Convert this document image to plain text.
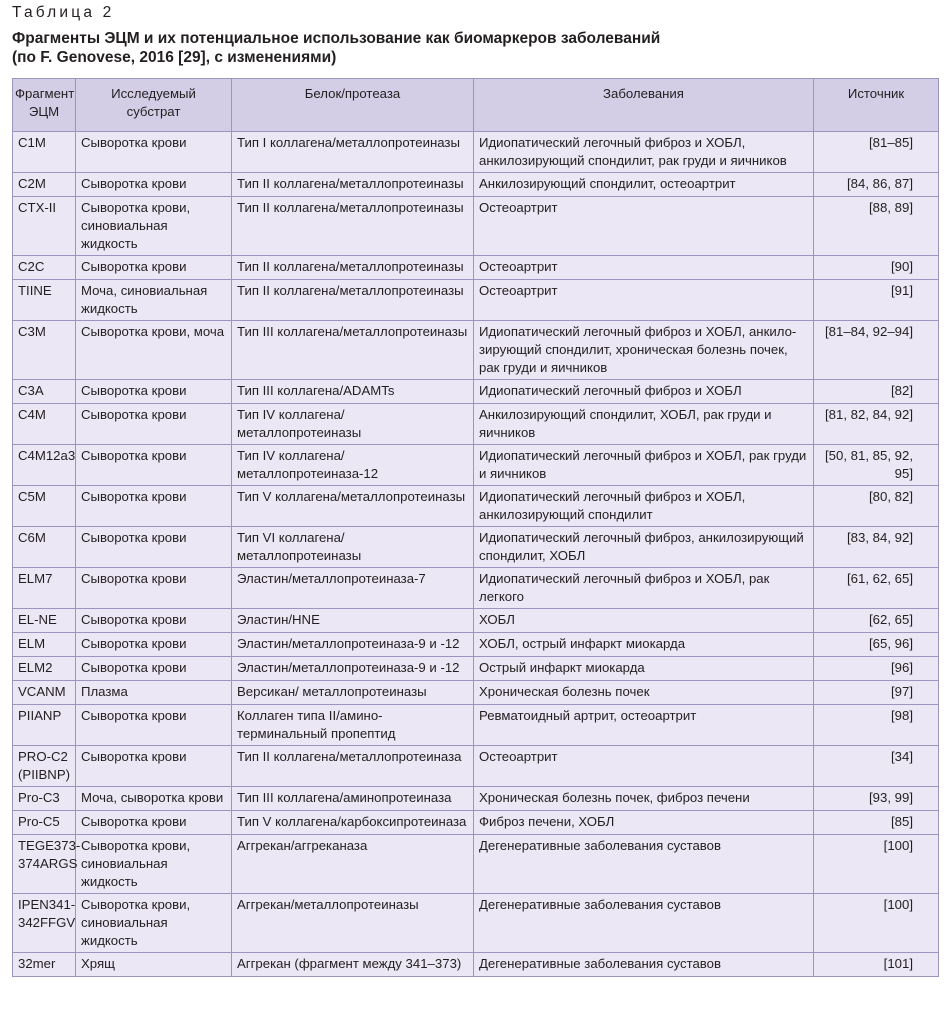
Таблица 2
Фрагменты ЭЦМ и их потенциальное использование как биомаркеров заболеваний
(по F. Genovese, 2016 [29], с изменениями)
Фрагмент ЭЦМ	Исследуемый субстрат	Белок/протеаза	Заболевания	Источник
C1M	Сыворотка крови	Тип I коллагена/металлопротеиназы	Идиопатический легочный фиброз и ХОБЛ, анкилозирующий спондилит, рак груди и яичников	[81–85]
C2M	Сыворотка крови	Тип II коллагена/металлопротеиназы	Анкилозирующий спондилит, остеоартрит	[84, 86, 87]
CTX-II	Сыворотка крови, синовиальная жидкость	Тип II коллагена/металлопротеиназы	Остеоартрит	[88, 89]
C2C	Сыворотка крови	Тип II коллагена/металлопротеиназы	Остеоартрит	[90]
TIINE	Моча, синовиальная жидкость	Тип II коллагена/металлопротеиназы	Остеоартрит	[91]
C3M	Сыворотка крови, моча	Тип III коллагена/металлопротеиназы	Идиопатический легочный фиброз и ХОБЛ, анкило-зирующий спондилит, хроническая болезнь почек, рак груди и яичников	[81–84, 92–94]
C3A	Сыворотка крови	Тип III коллагена/ADAMTs	Идиопатический легочный фиброз и ХОБЛ	[82]
C4M	Сыворотка крови	Тип IV коллагена/металлопротеиназы	Анкилозирующий спондилит, ХОБЛ, рак груди и яичников	[81, 82, 84, 92]
C4M12a3	Сыворотка крови	Тип IV коллагена/ металлопротеиназа-12	Идиопатический легочный фиброз и ХОБЛ, рак груди и яичников	[50, 81, 85, 92, 95]
C5M	Сыворотка крови	Тип V коллагена/металлопротеиназы	Идиопатический легочный фиброз и ХОБЛ, анкилозирующий спондилит	[80, 82]
C6M	Сыворотка крови	Тип VI коллагена/металлопротеиназы	Идиопатический легочный фиброз, анкилозирующий спондилит, ХОБЛ	[83, 84, 92]
ELM7	Сыворотка крови	Эластин/металлопротеиназа-7	Идиопатический легочный фиброз и ХОБЛ, рак легкого	[61, 62, 65]
EL-NE	Сыворотка крови	Эластин/HNE	ХОБЛ	[62, 65]
ELM	Сыворотка крови	Эластин/металлопротеиназа-9 и -12	ХОБЛ, острый инфаркт миокарда	[65, 96]
ELM2	Сыворотка крови	Эластин/металлопротеиназа-9 и -12	Острый инфаркт миокарда	[96]
VCANM	Плазма	Версикан/ металлопротеиназы	Хроническая болезнь почек	[97]
PIIANP	Сыворотка крови	Коллаген типа II/амино-терминальный пропептид	Ревматоидный артрит, остеоартрит	[98]
PRO-C2 (PIIBNP)	Сыворотка крови	Тип II коллагена/металлопротеиназа	Остеоартрит	[34]
Pro-C3	Моча, сыворотка крови	Тип III коллагена/аминопротеиназа	Хроническая болезнь почек, фиброз печени	[93, 99]
Pro-C5	Сыворотка крови	Тип V коллагена/карбоксипротеиназа	Фиброз печени, ХОБЛ	[85]
TEGE373-374ARGS	Сыворотка крови, синовиальная жидкость	Аггрекан/аггреканаза	Дегенеративные заболевания суставов	[100]
IPEN341-342FFGV	Сыворотка крови, синовиальная жидкость	Аггрекан/металлопротеиназы	Дегенеративные заболевания суставов	[100]
32mer	Хрящ	Аггрекан (фрагмент между 341–373)	Дегенеративные заболевания суставов	[101]
